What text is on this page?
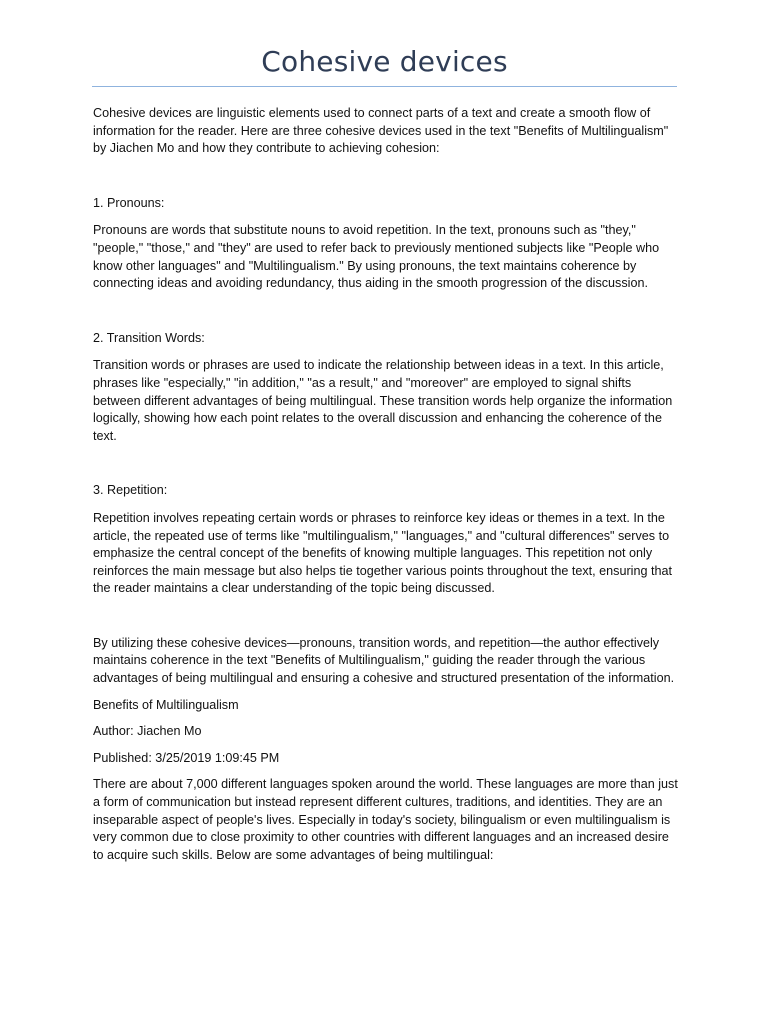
Cohesive devices

Cohesive devices are linguistic elements used to connect parts of a text and create a smooth flow of information for the reader. Here are three cohesive devices used in the text "Benefits of Multilingualism" by Jiachen Mo and how they contribute to achieving cohesion:

1. Pronouns:

Pronouns are words that substitute nouns to avoid repetition. In the text, pronouns such as "they," "people," "those," and "they" are used to refer back to previously mentioned subjects like "People who know other languages" and "Multilingualism." By using pronouns, the text maintains coherence by connecting ideas and avoiding redundancy, thus aiding in the smooth progression of the discussion.

2. Transition Words:

Transition words or phrases are used to indicate the relationship between ideas in a text. In this article, phrases like "especially," "in addition," "as a result," and "moreover" are employed to signal shifts between different advantages of being multilingual. These transition words help organize the information logically, showing how each point relates to the overall discussion and enhancing the coherence of the text.

3. Repetition:

Repetition involves repeating certain words or phrases to reinforce key ideas or themes in a text. In the article, the repeated use of terms like "multilingualism," "languages," and "cultural differences" serves to emphasize the central concept of the benefits of knowing multiple languages. This repetition not only reinforces the main message but also helps tie together various points throughout the text, ensuring that the reader maintains a clear understanding of the topic being discussed.

By utilizing these cohesive devices—pronouns, transition words, and repetition—the author effectively maintains coherence in the text "Benefits of Multilingualism," guiding the reader through the various advantages of being multilingual and ensuring a cohesive and structured presentation of the information.

Benefits of Multilingualism

Author: Jiachen Mo

Published: 3/25/2019 1:09:45 PM

There are about 7,000 different languages spoken around the world. These languages are more than just a form of communication but instead represent different cultures, traditions, and identities. They are an inseparable aspect of people's lives. Especially in today's society, bilingualism or even multilingualism is very common due to close proximity to other countries with different languages and an increased desire to acquire such skills. Below are some advantages of being multilingual:
